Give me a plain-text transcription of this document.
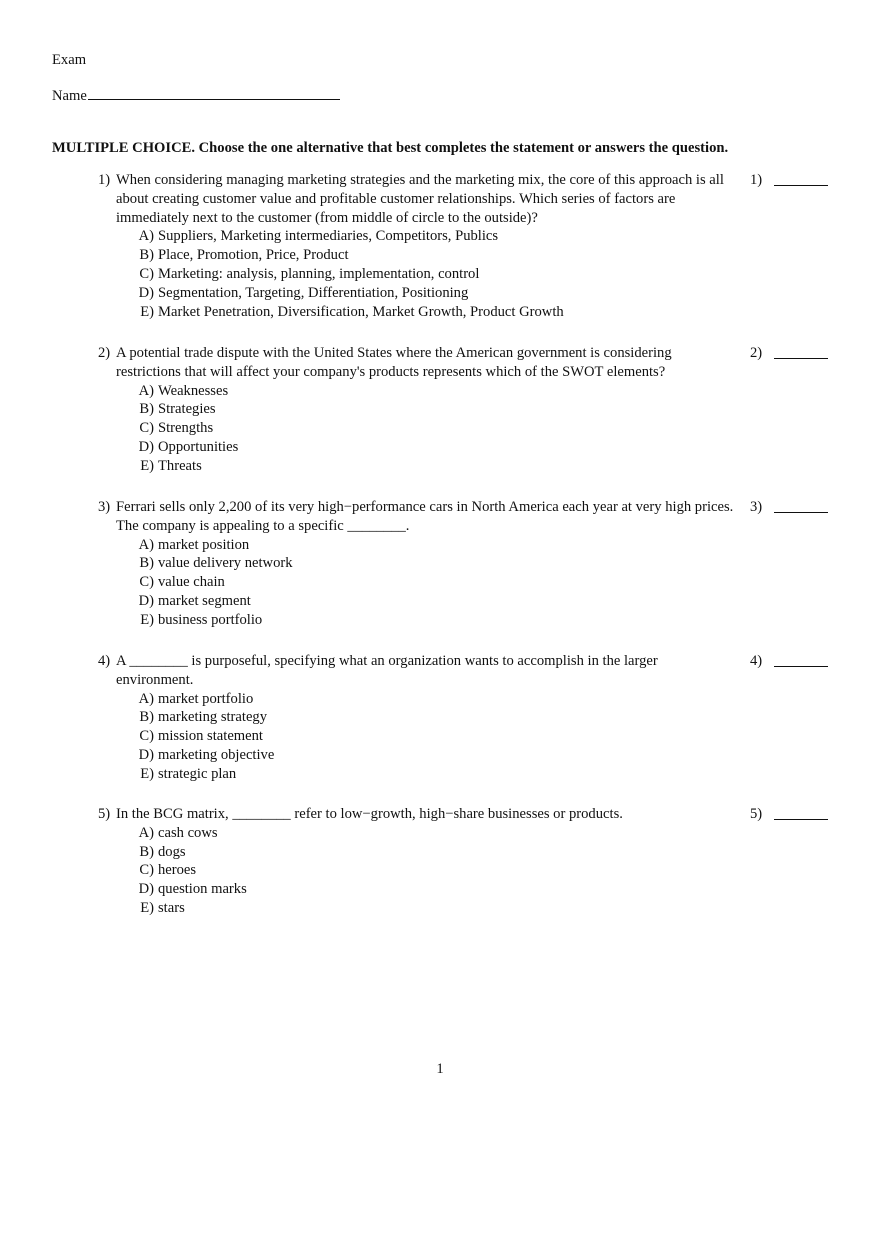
Exam
Name
MULTIPLE CHOICE. Choose the one alternative that best completes the statement or answers the question.
1) When considering managing marketing strategies and the marketing mix, the core of this approach is all about creating customer value and profitable customer relationships. Which series of factors are immediately next to the customer (from middle of circle to the outside)?
A) Suppliers, Marketing intermediaries, Competitors, Publics
B) Place, Promotion, Price, Product
C) Marketing: analysis, planning, implementation, control
D) Segmentation, Targeting, Differentiation, Positioning
E) Market Penetration, Diversification, Market Growth, Product Growth
1)
2) A potential trade dispute with the United States where the American government is considering restrictions that will affect your company's products represents which of the SWOT elements?
A) Weaknesses
B) Strategies
C) Strengths
D) Opportunities
E) Threats
2)
3) Ferrari sells only 2,200 of its very high−performance cars in North America each year at very high prices. The company is appealing to a specific ________.
A) market position
B) value delivery network
C) value chain
D) market segment
E) business portfolio
3)
4) A ________ is purposeful, specifying what an organization wants to accomplish in the larger environment.
A) market portfolio
B) marketing strategy
C) mission statement
D) marketing objective
E) strategic plan
4)
5) In the BCG matrix, ________ refer to low−growth, high−share businesses or products.
A) cash cows
B) dogs
C) heroes
D) question marks
E) stars
5)
1
